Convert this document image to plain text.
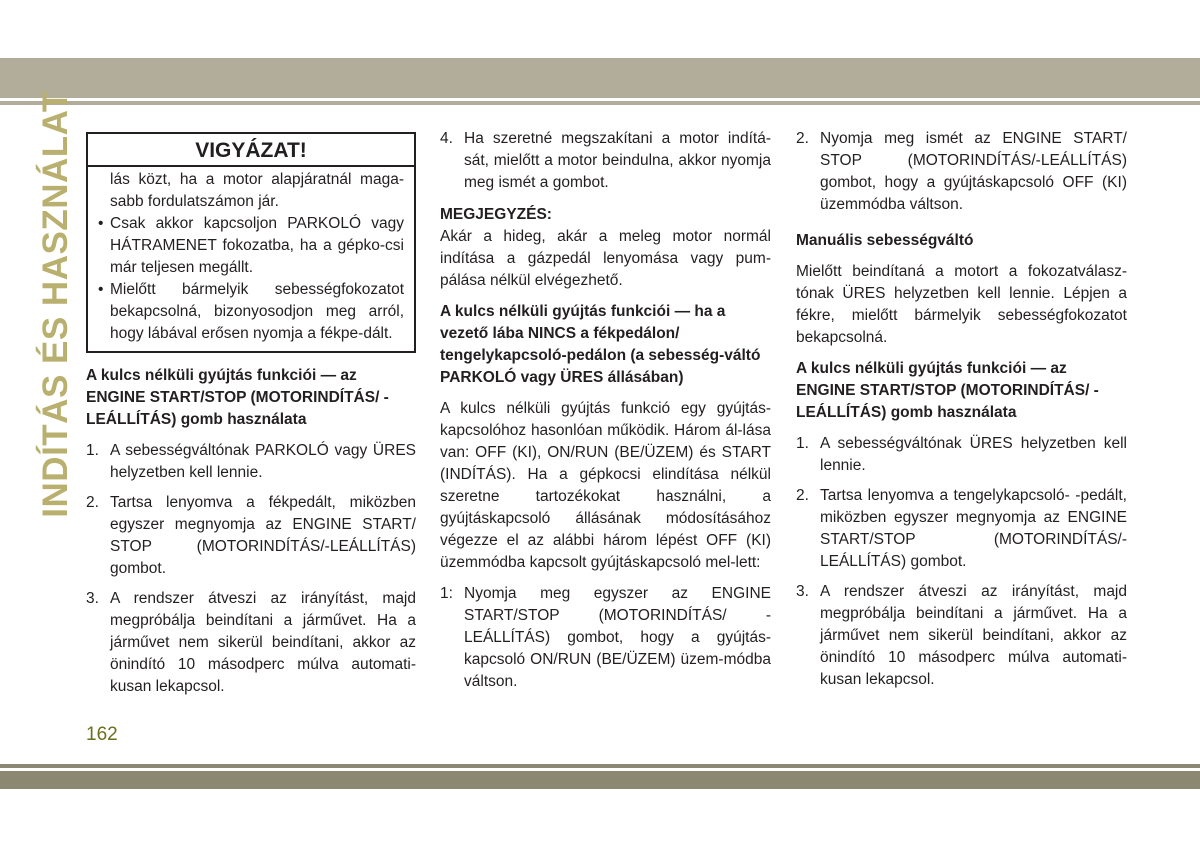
INDÍTÁS ÉS HASZNÁLAT	VIGYÁZAT!

lás közt, ha a motor alapjáratnál maga-sabb fordulatszámon jár.

• Csak akkor kapcsoljon PARKOLÓ vagy HÁTRAMENET fokozatba, ha a gépko-csi már teljesen megállt.
• Mielőtt bármelyik sebességfokozatot bekapcsolná, bizonyosodjon meg arról, hogy lábával erősen nyomja a fékpe-dált.

A kulcs nélküli gyújtás funkciói — az ENGINE START/STOP (MOTORINDÍTÁS/ -LEÁLLÍTÁS) gomb használata

1. A sebességváltónak PARKOLÓ vagy ÜRES helyzetben kell lennie.
2. Tartsa lenyomva a fékpedált, miközben egyszer megnyomja az ENGINE START/ STOP (MOTORINDÍTÁS/-LEÁLLÍTÁS) gombot.
3. A rendszer átveszi az irányítást, majd megpróbálja beindítani a járművet. Ha a járművet nem sikerül beindítani, akkor az önindító 10 másodperc múlva automati-kusan lekapcsol.
4. Ha szeretné megszakítani a motor indítá-sát, mielőtt a motor beindulna, akkor nyomja meg ismét a gombot.

MEGJEGYZÉS:

Akár a hideg, akár a meleg motor normál indítása a gázpedál lenyomása vagy pum-pálása nélkül elvégezhető.

A kulcs nélküli gyújtás funkciói — ha a vezető lába NINCS a fékpedálon/ tengelykapcsoló-pedálon (a sebesség-váltó PARKOLÓ vagy ÜRES állásában)

A kulcs nélküli gyújtás funkció egy gyújtás-kapcsolóhoz hasonlóan működik. Három ál-lása van: OFF (KI), ON/RUN (BE/ÜZEM) és START (INDÍTÁS). Ha a gépkocsi elindítása nélkül szeretne tartozékokat használni, a gyújtáskapcsoló állásának módosításához végezze el az alábbi három lépést OFF (KI) üzemmódba kapcsolt gyújtáskapcsoló mel-lett:

1: Nyomja meg egyszer az ENGINE START/STOP (MOTORINDÍTÁS/ -LEÁLLÍTÁS) gombot, hogy a gyújtás-kapcsoló ON/RUN (BE/ÜZEM) üzem-módba váltson.
2. Nyomja meg ismét az ENGINE START/ STOP (MOTORINDÍTÁS/-LEÁLLÍTÁS) gombot, hogy a gyújtáskapcsoló OFF (KI) üzemmódba váltson.

Manuális sebességváltó

Mielőtt beindítaná a motort a fokozatválasz-tónak ÜRES helyzetben kell lennie. Lépjen a fékre, mielőtt bármelyik sebességfokozatot bekapcsolná.

A kulcs nélküli gyújtás funkciói — az ENGINE START/STOP (MOTORINDÍTÁS/ -LEÁLLÍTÁS) gomb használata

1. A sebességváltónak ÜRES helyzetben kell lennie.
2. Tartsa lenyomva a tengelykapcsoló- -pedált, miközben egyszer megnyomja az ENGINE START/STOP (MOTORINDÍTÁS/-LEÁLLÍTÁS) gombot.
3. A rendszer átveszi az irányítást, majd megpróbálja beindítani a járművet. Ha a járművet nem sikerül beindítani, akkor az önindító 10 másodperc múlva automati-kusan lekapcsol.
162
